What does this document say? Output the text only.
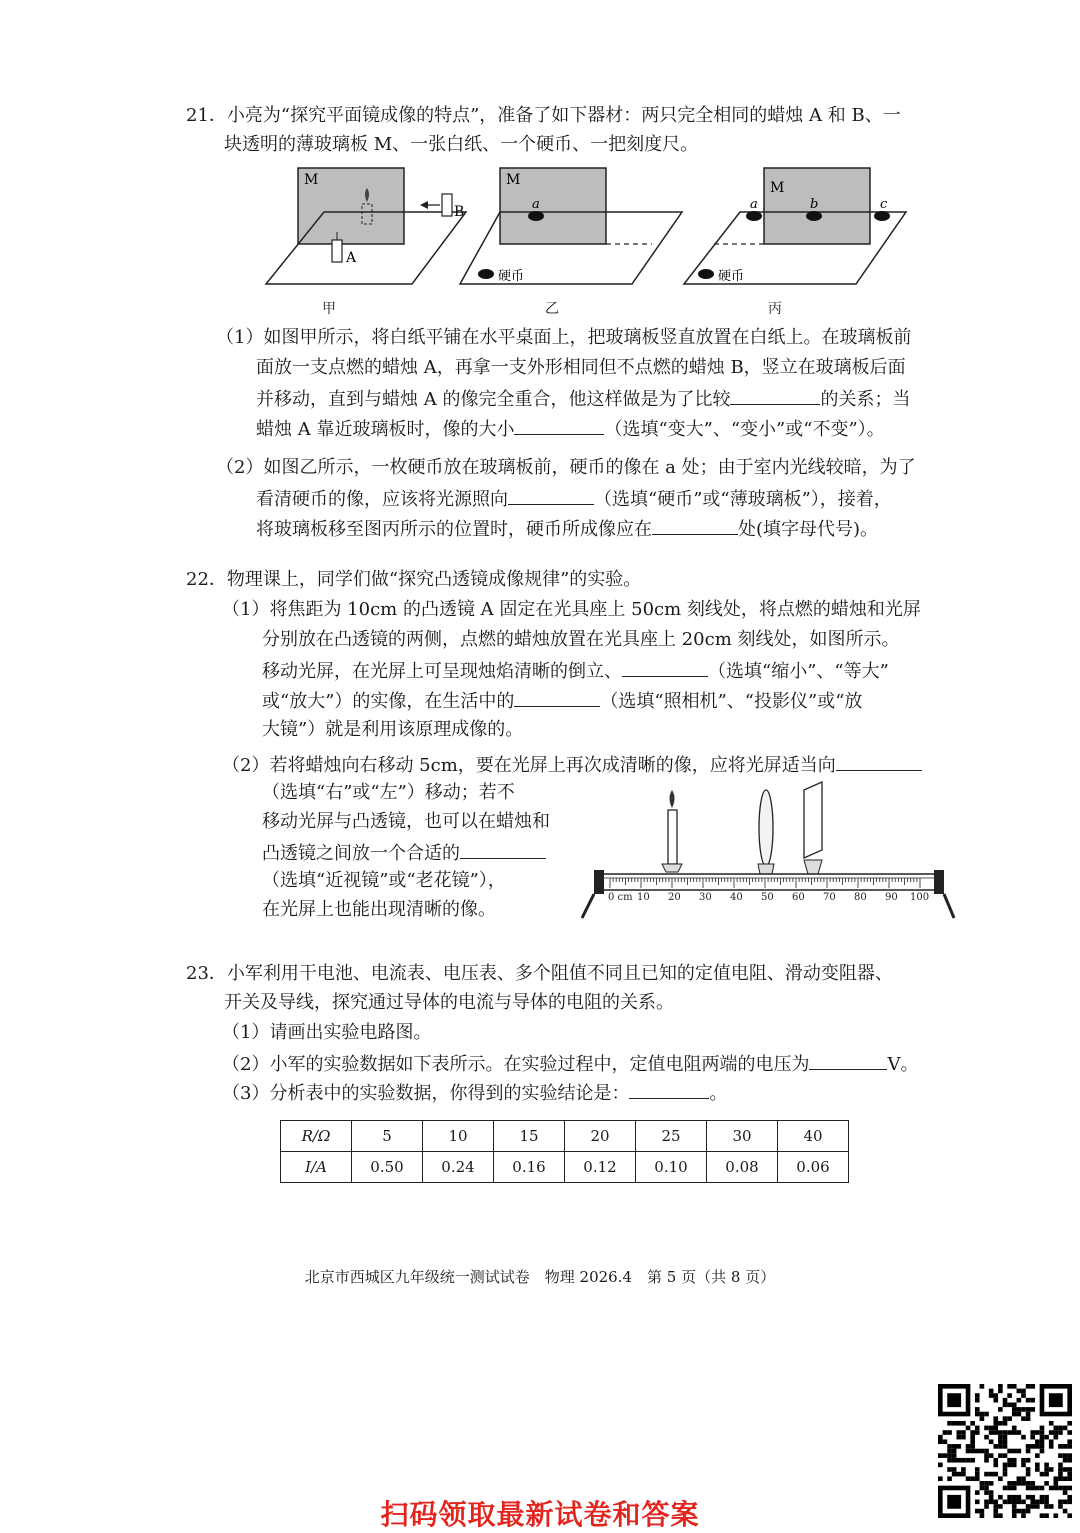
21．小亮为“探究平面镜成像的特点”，准备了如下器材：两只完全相同的蜡烛 A 和 B、一
块透明的薄玻璃板 M、一张白纸、一个硬币、一把刻度尺。
M
A
B
甲
M
a
硬币
乙
M
a	b	c
硬币
丙
（1）如图甲所示，将白纸平铺在水平桌面上，把玻璃板竖直放置在白纸上。在玻璃板前
面放一支点燃的蜡烛 A，再拿一支外形相同但不点燃的蜡烛 B，竖立在玻璃板后面
并移动，直到与蜡烛 A 的像完全重合，他这样做是为了比较	的关系；当
蜡烛 A 靠近玻璃板时，像的大小	（选填“变大”、“变小”或“不变”）。
（2）如图乙所示，一枚硬币放在玻璃板前，硬币的像在 a 处；由于室内光线较暗，为了
看清硬币的像，应该将光源照向	（选填“硬币”或“薄玻璃板”），接着，
将玻璃板移至图丙所示的位置时，硬币所成像应在	处(填字母代号)。
22．物理课上，同学们做“探究凸透镜成像规律”的实验。
（1）将焦距为 10cm 的凸透镜 A 固定在光具座上 50cm 刻线处，将点燃的蜡烛和光屏
分别放在凸透镜的两侧，点燃的蜡烛放置在光具座上 20cm 刻线处，如图所示。
移动光屏，在光屏上可呈现烛焰清晰的倒立、	（选填“缩小”、“等大”
或“放大”）的实像，在生活中的	（选填“照相机”、“投影仪”或“放
大镜”）就是利用该原理成像的。
（2）若将蜡烛向右移动 5cm，要在光屏上再次成清晰的像，应将光屏适当向
（选填“右”或“左”）移动；若不
移动光屏与凸透镜，也可以在蜡烛和
凸透镜之间放一个合适的
（选填“近视镜”或“老花镜”），
在光屏上也能出现清晰的像。
0 cm 10 20 30 40 50 60 70 80 90 100
23．小军利用干电池、电流表、电压表、多个阻值不同且已知的定值电阻、滑动变阻器、
开关及导线，探究通过导体的电流与导体的电阻的关系。
（1）请画出实验电路图。
（2）小军的实验数据如下表所示。在实验过程中，定值电阻两端的电压为	V。
（3）分析表中的实验数据，你得到的实验结论是：	。
R/Ω	5	10	15	20	25	30	40
I/A	0.50	0.24	0.16	0.12	0.10	0.08	0.06
北京市西城区九年级统一测试试卷　物理 2026.4　第 5 页（共 8 页）
扫码领取最新试卷和答案
